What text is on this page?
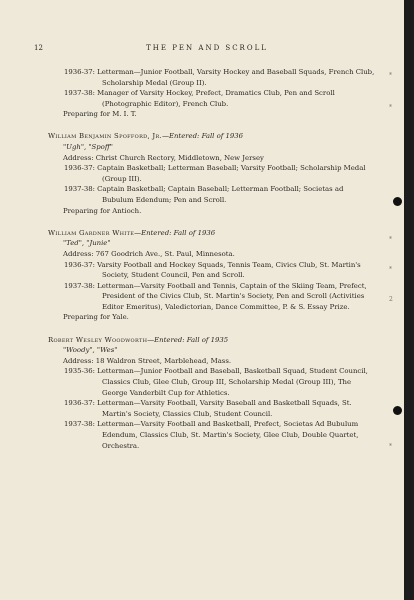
12	THE PEN AND SCROLL
1936-37: Letterman—Junior Football, Varsity Hockey and Baseball Squads, French Club, Scholarship Medal (Group II).
1937-38: Manager of Varsity Hockey, Prefect, Dramatics Club, Pen and Scroll (Photographic Editor), French Club.
Preparing for M. I. T.
William Benjamin Spofford, Jr.—Entered: Fall of 1936
"Ugh", "Spoff"
Address: Christ Church Rectory, Middletown, New Jersey
1936-37: Captain Basketball; Letterman Baseball; Varsity Football; Scholarship Medal (Group III).
1937-38: Captain Basketball; Captain Baseball; Letterman Football; Societas ad Bubulum Edendum; Pen and Scroll.
Preparing for Antioch.
William Gardner White—Entered: Fall of 1936
"Ted", "Junie"
Address: 767 Goodrich Ave., St. Paul, Minnesota.
1936-37: Varsity Football and Hockey Squads, Tennis Team, Civics Club, St. Martin's Society, Student Council, Pen and Scroll.
1937-38: Letterman—Varsity Football and Tennis, Captain of the Skiing Team, Prefect, President of the Civics Club, St. Martin's Society, Pen and Scroll (Activities Editor Emeritus), Valedictorian, Dance Committee, P. & S. Essay Prize.
Preparing for Yale.
Robert Wesley Woodworth—Entered: Fall of 1935
"Woody", "Wes"
Address: 18 Waldron Street, Marblehead, Mass.
1935-36: Letterman—Junior Football and Baseball, Basketball Squad, Student Council, Classics Club, Glee Club, Group III, Scholarship Medal (Group III), The George Vanderbilt Cup for Athletics.
1936-37: Letterman—Varsity Football, Varsity Baseball and Basketball Squads, St. Martin's Society, Classics Club, Student Council.
1937-38: Letterman—Varsity Football and Basketball, Prefect, Societas Ad Bubulum Edendum, Classics Club, St. Martin's Society, Glee Club, Double Quartet, Orchestra.
*
*
*
*
2
*
